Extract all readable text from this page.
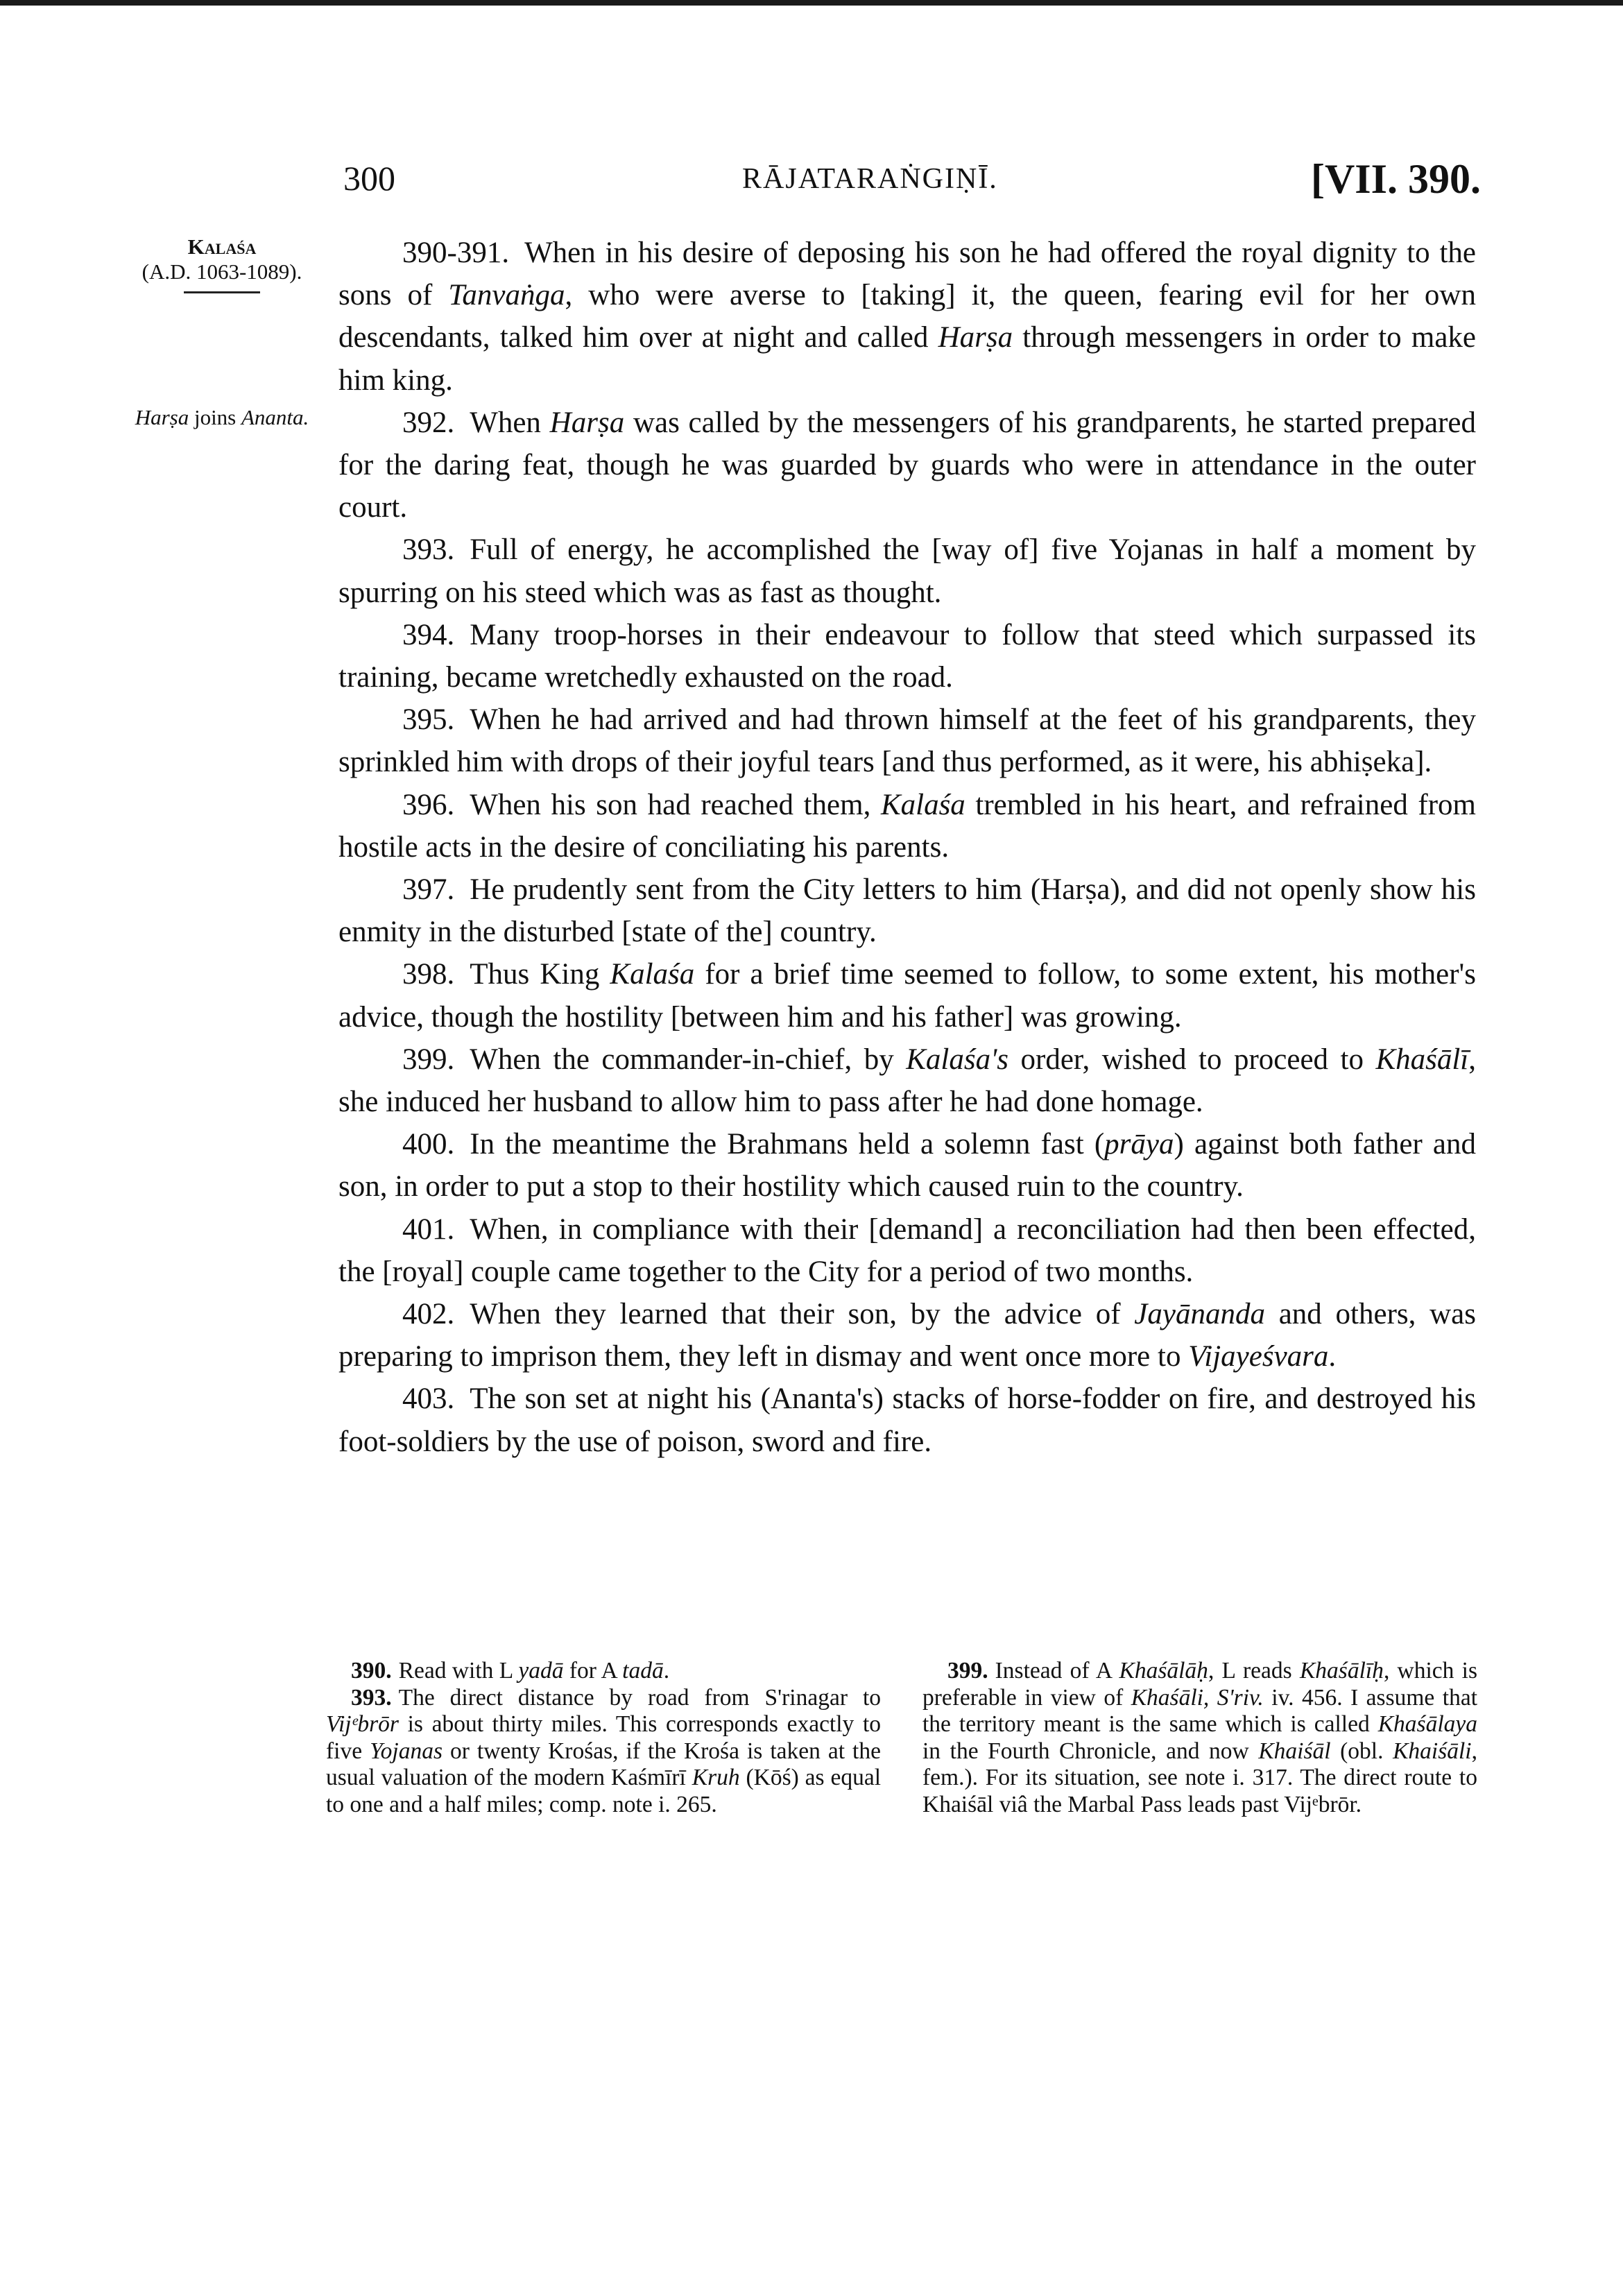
300	RĀJATARAṄGIṆĪ.	[VII. 390.
Kalaśa
(A.D. 1063-1089).
Harṣa joins Ananta.

390-391. When in his desire of deposing his son he had offered the royal dignity to the sons of Tanvaṅga, who were averse to [taking] it, the queen, fearing evil for her own descendants, talked him over at night and called Harṣa through messengers in order to make him king.

392. When Harṣa was called by the messengers of his grandparents, he started prepared for the daring feat, though he was guarded by guards who were in attendance in the outer court.

393. Full of energy, he accomplished the [way of] five Yojanas in half a moment by spurring on his steed which was as fast as thought.

394. Many troop-horses in their endeavour to follow that steed which surpassed its training, became wretchedly exhausted on the road.

395. When he had arrived and had thrown himself at the feet of his grandparents, they sprinkled him with drops of their joyful tears [and thus performed, as it were, his abhiṣeka].

396. When his son had reached them, Kalaśa trembled in his heart, and refrained from hostile acts in the desire of conciliating his parents.

397. He prudently sent from the City letters to him (Harṣa), and did not openly show his enmity in the disturbed [state of the] country.

398. Thus King Kalaśa for a brief time seemed to follow, to some extent, his mother's advice, though the hostility [between him and his father] was growing.

399. When the commander-in-chief, by Kalaśa's order, wished to proceed to Khaśālī, she induced her husband to allow him to pass after he had done homage.

400. In the meantime the Brahmans held a solemn fast (prāya) against both father and son, in order to put a stop to their hostility which caused ruin to the country.

401. When, in compliance with their [demand] a reconciliation had then been effected, the [royal] couple came together to the City for a period of two months.

402. When they learned that their son, by the advice of Jayānanda and others, was preparing to imprison them, they left in dismay and went once more to Vijayeśvara.

403. The son set at night his (Ananta's) stacks of horse-fodder on fire, and destroyed his foot-soldiers by the use of poison, sword and fire.

390. Read with L yadā for A tadā.

393. The direct distance by road from S'rinagar to Vijᵉbrōr is about thirty miles. This corresponds exactly to five Yojanas or twenty Krośas, if the Krośa is taken at the usual valuation of the modern Kaśmīrī Kruh (Kōś) as equal to one and a half miles; comp. note i. 265.

399. Instead of A Khaśālāḥ, L reads Khaśālīḥ, which is preferable in view of Khaśāli, S'riv. iv. 456. I assume that the territory meant is the same which is called Khaśālaya in the Fourth Chronicle, and now Khaiśāl (obl. Khaiśāli, fem.). For its situation, see note i. 317. The direct route to Khaiśāl viâ the Marbal Pass leads past Vijᵉbrōr.
